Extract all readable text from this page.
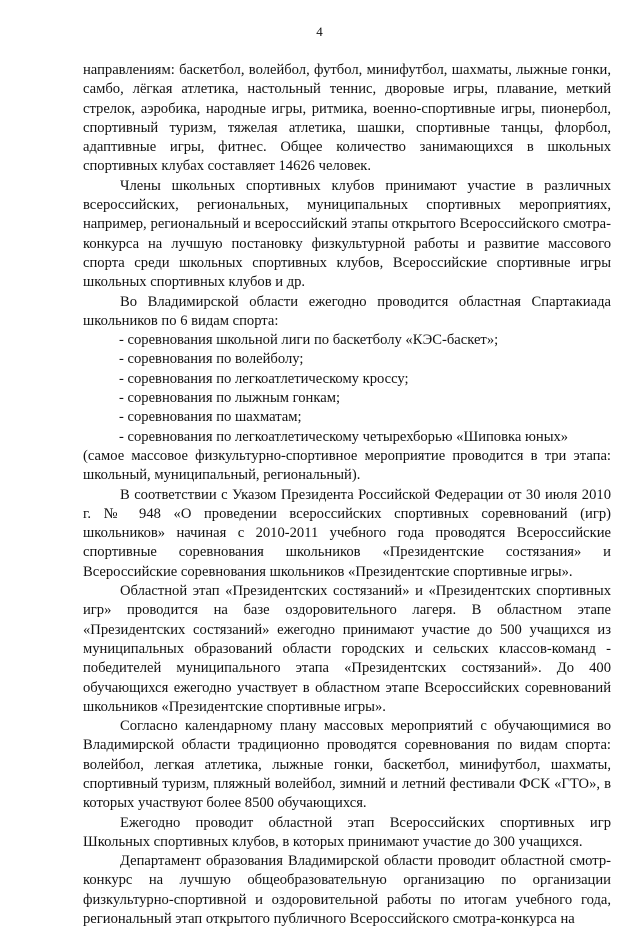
4

направлениям: баскетбол, волейбол, футбол, минифутбол, шахматы, лыжные гонки, самбо, лёгкая атлетика, настольный теннис, дворовые игры, плавание, меткий стрелок, аэробика, народные игры, ритмика, военно-спортивные игры, пионербол, спортивный туризм, тяжелая атлетика, шашки, спортивные танцы, флорбол, адаптивные игры, фитнес. Общее количество занимающихся в школьных спортивных клубах составляет 14626 человек.

Члены школьных спортивных клубов принимают участие в различных всероссийских, региональных, муниципальных спортивных мероприятиях, например, региональный и всероссийский этапы открытого Всероссийского смотра-конкурса на лучшую постановку физкультурной работы и развитие массового спорта среди школьных спортивных клубов, Всероссийские спортивные игры школьных спортивных клубов и др.

Во Владимирской области ежегодно проводится областная Спартакиада школьников по 6 видам спорта:

- соревнования школьной лиги по баскетболу «КЭС-баскет»;
- соревнования по волейболу;
- соревнования по легкоатлетическому кроссу;
- соревнования по лыжным гонкам;
- соревнования по шахматам;
- соревнования по легкоатлетическому четырехборью «Шиповка юных»

(самое массовое физкультурно-спортивное мероприятие проводится в три этапа: школьный, муниципальный, региональный).

В соответствии с Указом Президента Российской Федерации от 30 июля 2010 г. № 948 «О проведении всероссийских спортивных соревнований (игр) школьников» начиная с 2010-2011 учебного года проводятся Всероссийские спортивные соревнования школьников «Президентские состязания» и Всероссийские соревнования школьников «Президентские спортивные игры».

Областной этап «Президентских состязаний» и «Президентских спортивных игр» проводится на базе оздоровительного лагеря. В областном этапе «Президентских состязаний» ежегодно принимают участие до 500 учащихся из муниципальных образований области городских и сельских классов-команд - победителей муниципального этапа «Президентских состязаний». До 400 обучающихся ежегодно участвует в областном этапе Всероссийских соревнований школьников «Президентские спортивные игры».

Согласно календарному плану массовых мероприятий с обучающимися во Владимирской области традиционно проводятся соревнования по видам спорта: волейбол, легкая атлетика, лыжные гонки, баскетбол, минифутбол, шахматы, спортивный туризм, пляжный волейбол, зимний и летний фестивали ФСК «ГТО», в которых участвуют более 8500 обучающихся.

Ежегодно проводит областной этап Всероссийских спортивных игр Школьных спортивных клубов, в которых принимают участие до 300 учащихся.

Департамент образования Владимирской области проводит областной смотр-конкурс на лучшую общеобразовательную организацию по организации физкультурно-спортивной и оздоровительной работы по итогам учебного года, региональный этап открытого публичного Всероссийского смотра-конкурса на
